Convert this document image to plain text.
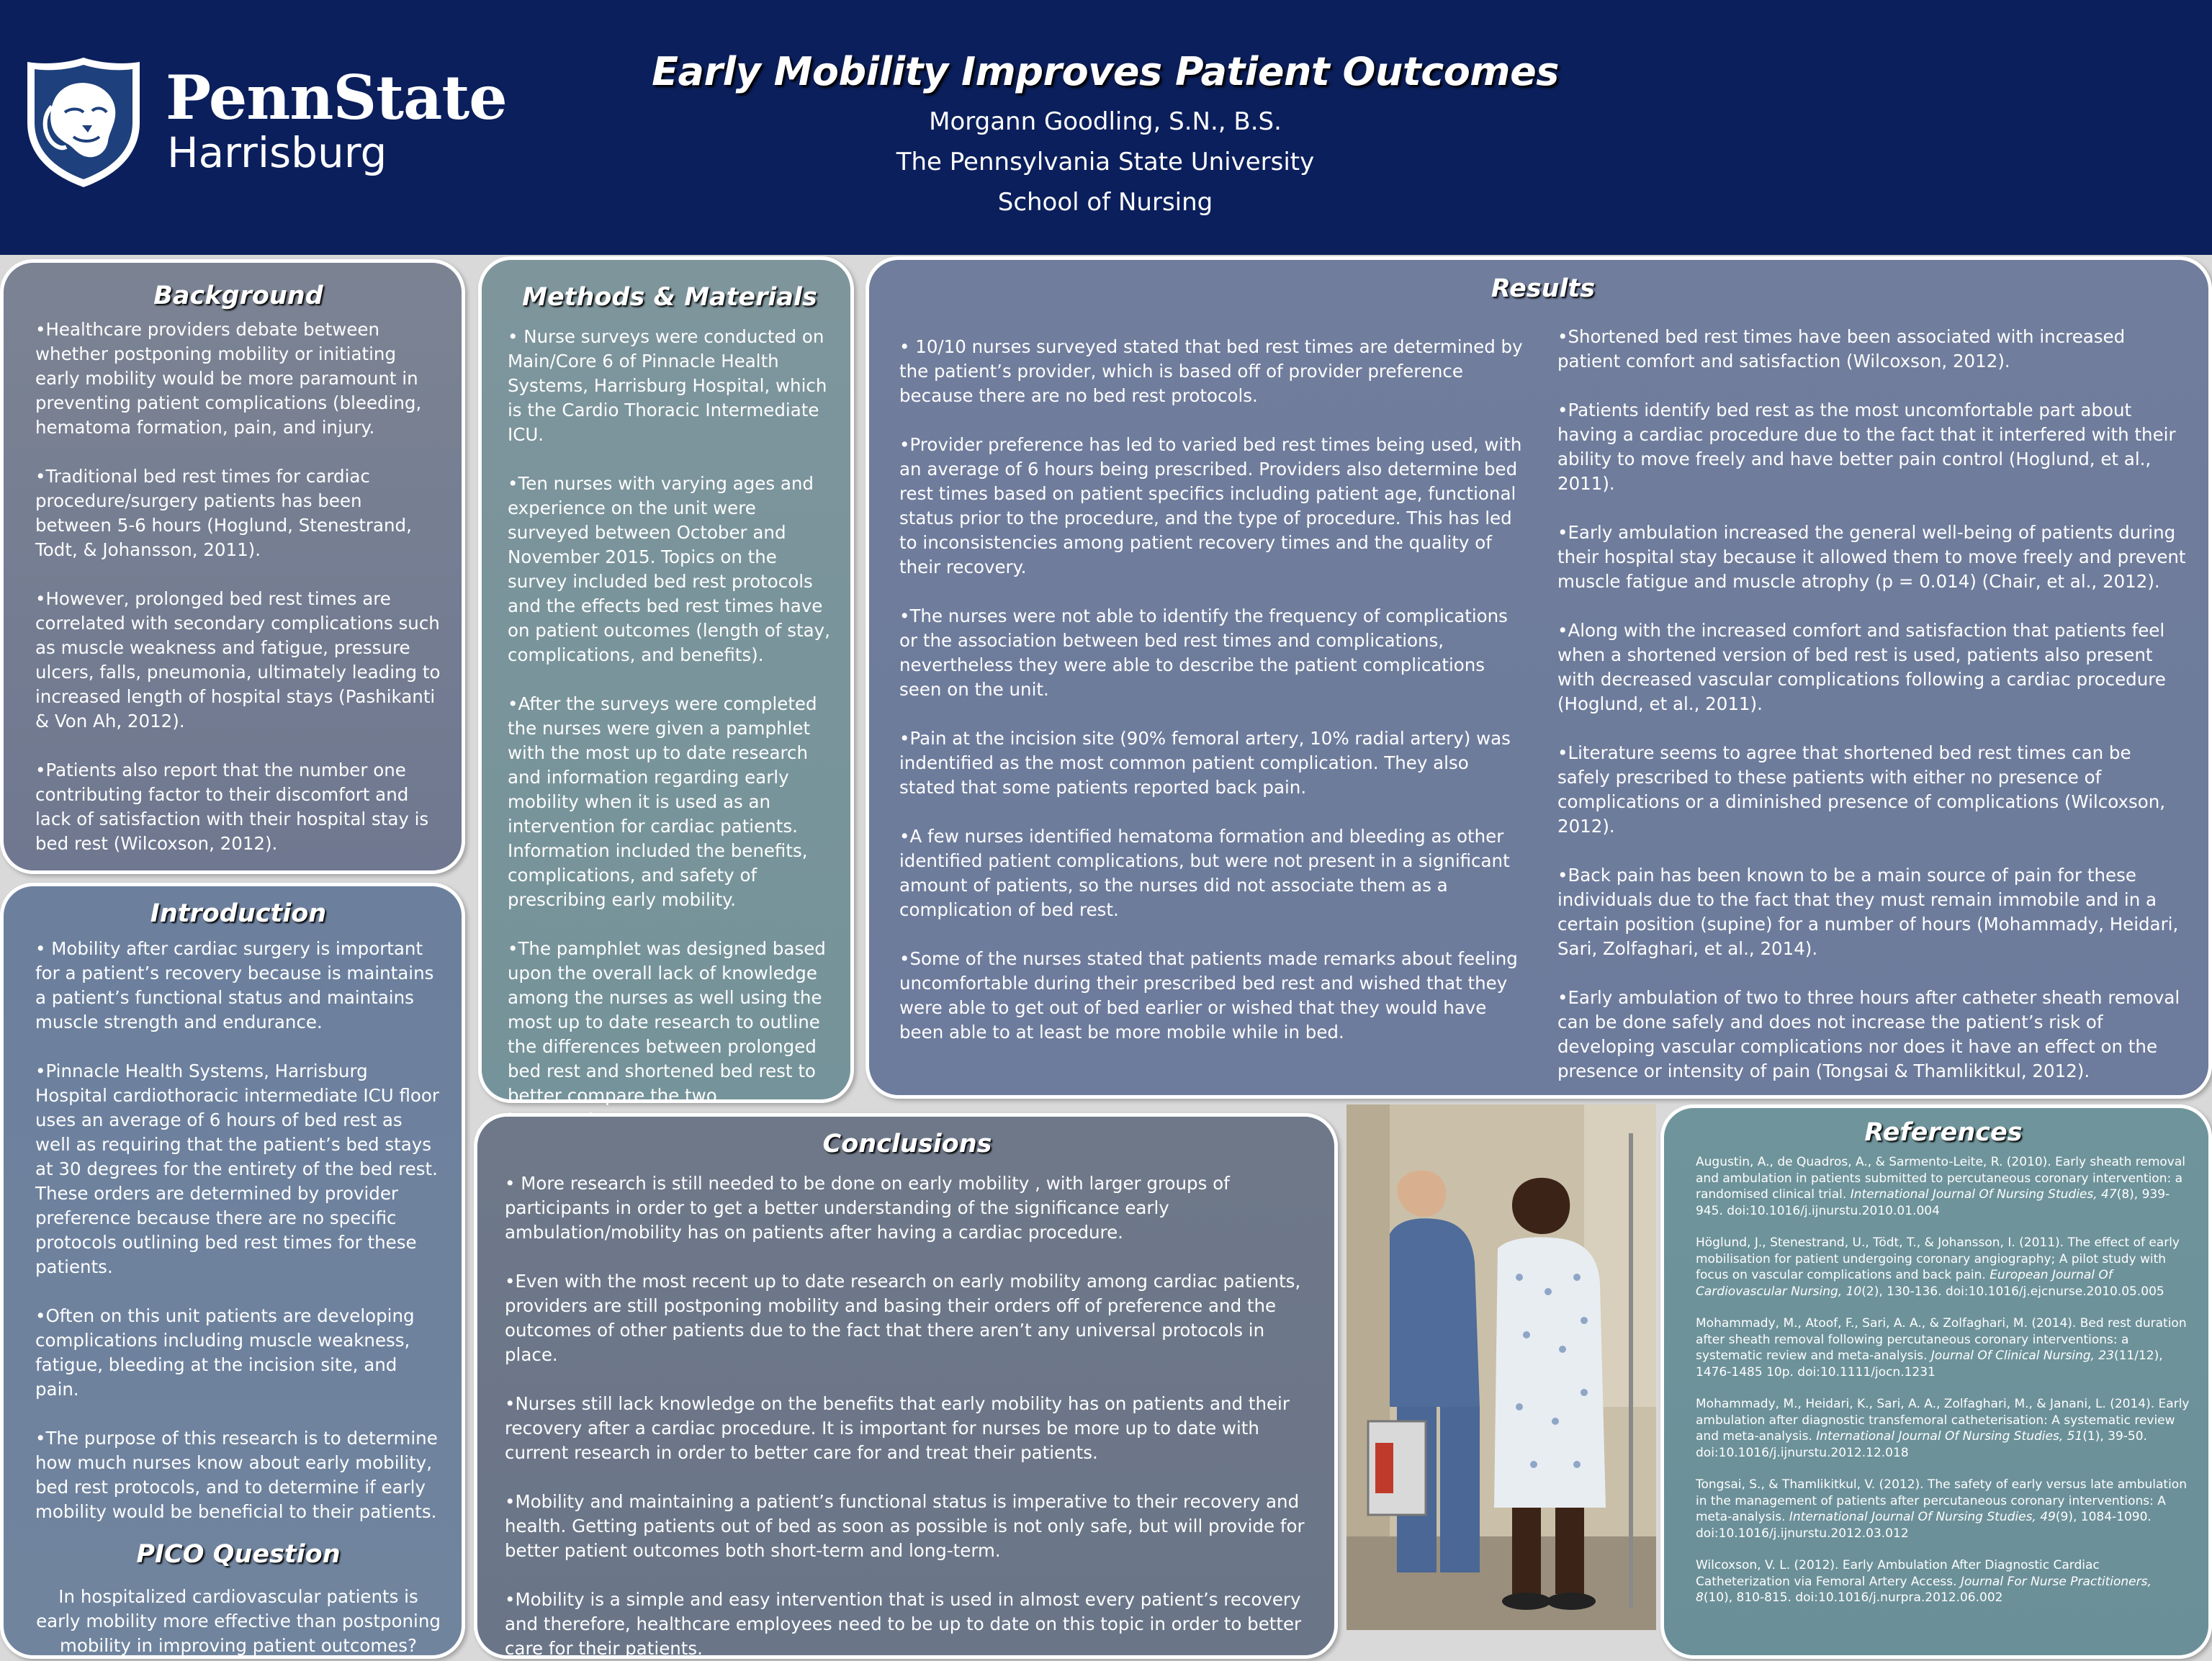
PennState
Harrisburg
Early Mobility Improves Patient Outcomes
Morgann Goodling, S.N., B.S.
The Pennsylvania State University
School of Nursing
Background

•Healthcare providers debate between whether postponing mobility or initiating early mobility would be more paramount in preventing patient complications (bleeding, hematoma formation, pain, and injury.

•Traditional bed rest times for cardiac procedure/surgery patients has been between 5-6 hours (Hoglund, Stenestrand, Todt, & Johansson, 2011).

•However, prolonged bed rest times are correlated with secondary complications such as muscle weakness and fatigue, pressure ulcers, falls, pneumonia, ultimately leading to increased length of hospital stays (Pashikanti & Von Ah, 2012).

•Patients also report that the number one contributing factor to their discomfort and lack of satisfaction with their hospital stay is bed rest (Wilcoxson, 2012).

Introduction

• Mobility after cardiac surgery is important for a patient’s recovery because is maintains a patient’s functional status and maintains muscle strength and endurance.

•Pinnacle Health Systems, Harrisburg Hospital cardiothoracic intermediate ICU floor uses an average of 6 hours of bed rest as well as requiring that the patient’s bed stays at 30 degrees for the entirety of the bed rest. These orders are determined by provider preference because there are no specific protocols outlining bed rest times for these patients.

•Often on this unit patients are developing complications including muscle weakness, fatigue, bleeding at the incision site, and pain.

•The purpose of this research is to determine how much nurses know about early mobility, bed rest protocols, and to determine if early mobility would be beneficial to their patients.

PICO Question

In hospitalized cardiovascular patients is early mobility more effective than postponing mobility in improving patient outcomes?

Methods & Materials

• Nurse surveys were conducted on Main/Core 6 of Pinnacle Health Systems, Harrisburg Hospital, which is the Cardio Thoracic Intermediate ICU.

•Ten nurses with varying ages and experience on the unit were surveyed between October and November 2015. Topics on the survey included bed rest protocols and the effects bed rest times have on patient outcomes (length of stay, complications, and benefits).

•After the surveys were completed the nurses were given a pamphlet with the most up to date research and information regarding early mobility when it is used as an intervention for cardiac patients. Information included the benefits, complications, and safety of prescribing early mobility.

•The pamphlet was designed based upon the overall lack of knowledge among the nurses as well using the most up to date research to outline the differences between prolonged bed rest and shortened bed rest to better compare the two

Results

• 10/10 nurses surveyed stated that bed rest times are determined by the patient’s provider, which is based off of provider preference because there are no bed rest protocols.

•Provider preference has led to varied bed rest times being used, with an average of 6 hours being prescribed. Providers also determine bed rest times based on patient specifics including patient age, functional status prior to the procedure, and the type of procedure. This has led to inconsistencies among patient recovery times and the quality of their recovery.

•The nurses were not able to identify the frequency of complications or the association between bed rest times and complications, nevertheless they were able to describe the patient complications seen on the unit.

•Pain at the incision site (90% femoral artery, 10% radial artery) was indentified as the most common patient complication. They also stated that some patients reported back pain.

•A few nurses identified hematoma formation and bleeding as other identified patient complications, but were not present in a significant amount of patients, so the nurses did not associate them as a complication of bed rest.

•Some of the nurses stated that patients made remarks about feeling uncomfortable during their prescribed bed rest and wished that they were able to get out of bed earlier or wished that they would have been able to at least be more mobile while in bed.

•Shortened bed rest times have been associated with increased patient comfort and satisfaction (Wilcoxson, 2012).

•Patients identify bed rest as the most uncomfortable part about having a cardiac procedure due to the fact that it interfered with their ability to move freely and have better pain control (Hoglund, et al., 2011).

•Early ambulation increased the general well-being of patients during their hospital stay because it allowed them to move freely and prevent muscle fatigue and muscle atrophy (p = 0.014) (Chair, et al., 2012).

•Along with the increased comfort and satisfaction that patients feel when a shortened version of bed rest is used, patients also present with decreased vascular complications following a cardiac procedure (Hoglund, et al., 2011).

•Literature seems to agree that shortened bed rest times can be safely prescribed to these patients with either no presence of complications or a diminished presence of complications (Wilcoxson, 2012).

•Back pain has been known to be a main source of pain for these individuals due to the fact that they must remain immobile and in a certain position (supine) for a number of hours (Mohammady, Heidari, Sari, Zolfaghari, et al., 2014).

•Early ambulation of two to three hours after catheter sheath removal can be done safely and does not increase the patient’s risk of developing vascular complications nor does it have an effect on the presence or intensity of pain (Tongsai & Thamlikitkul, 2012).

Conclusions

• More research is still needed to be done on early mobility , with larger groups of participants in order to get a better understanding of the significance early ambulation/mobility has on patients after having a cardiac procedure.

•Even with the most recent up to date research on early mobility among cardiac patients, providers are still postponing mobility and basing their orders off of preference and the outcomes of other patients due to the fact that there aren’t any universal protocols in place.

•Nurses still lack knowledge on the benefits that early mobility has on patients and their recovery after a cardiac procedure. It is important for nurses be more up to date with current research in order to better care for and treat their patients.

•Mobility and maintaining a patient’s functional status is imperative to their recovery and health. Getting patients out of bed as soon as possible is not only safe, but will provide for better patient outcomes both short-term and long-term.

•Mobility is a simple and easy intervention that is used in almost every patient’s recovery and therefore, healthcare employees need to be up to date on this topic in order to better care for their patients.

References

Augustin, A., de Quadros, A., & Sarmento-Leite, R. (2010). Early sheath removal and ambulation in patients submitted to percutaneous coronary intervention: a randomised clinical trial. International Journal Of Nursing Studies, 47(8), 939-945. doi:10.1016/j.ijnurstu.2010.01.004

Höglund, J., Stenestrand, U., Tödt, T., & Johansson, I. (2011). The effect of early mobilisation for patient undergoing coronary angiography; A pilot study with focus on vascular complications and back pain. European Journal Of Cardiovascular Nursing, 10(2), 130-136. doi:10.1016/j.ejcnurse.2010.05.005

Mohammady, M., Atoof, F., Sari, A. A., & Zolfaghari, M. (2014). Bed rest duration after sheath removal following percutaneous coronary interventions: a systematic review and meta-analysis. Journal Of Clinical Nursing, 23(11/12), 1476-1485 10p. doi:10.1111/jocn.1231

Mohammady, M., Heidari, K., Sari, A. A., Zolfaghari, M., & Janani, L. (2014). Early ambulation after diagnostic transfemoral catheterisation: A systematic review and meta-analysis. International Journal Of Nursing Studies, 51(1), 39-50. doi:10.1016/j.ijnurstu.2012.12.018

Tongsai, S., & Thamlikitkul, V. (2012). The safety of early versus late ambulation in the management of patients after percutaneous coronary interventions: A meta-analysis. International Journal Of Nursing Studies, 49(9), 1084-1090. doi:10.1016/j.ijnurstu.2012.03.012

Wilcoxson, V. L. (2012). Early Ambulation After Diagnostic Cardiac Catheterization via Femoral Artery Access. Journal For Nurse Practitioners, 8(10), 810-815. doi:10.1016/j.nurpra.2012.06.002
